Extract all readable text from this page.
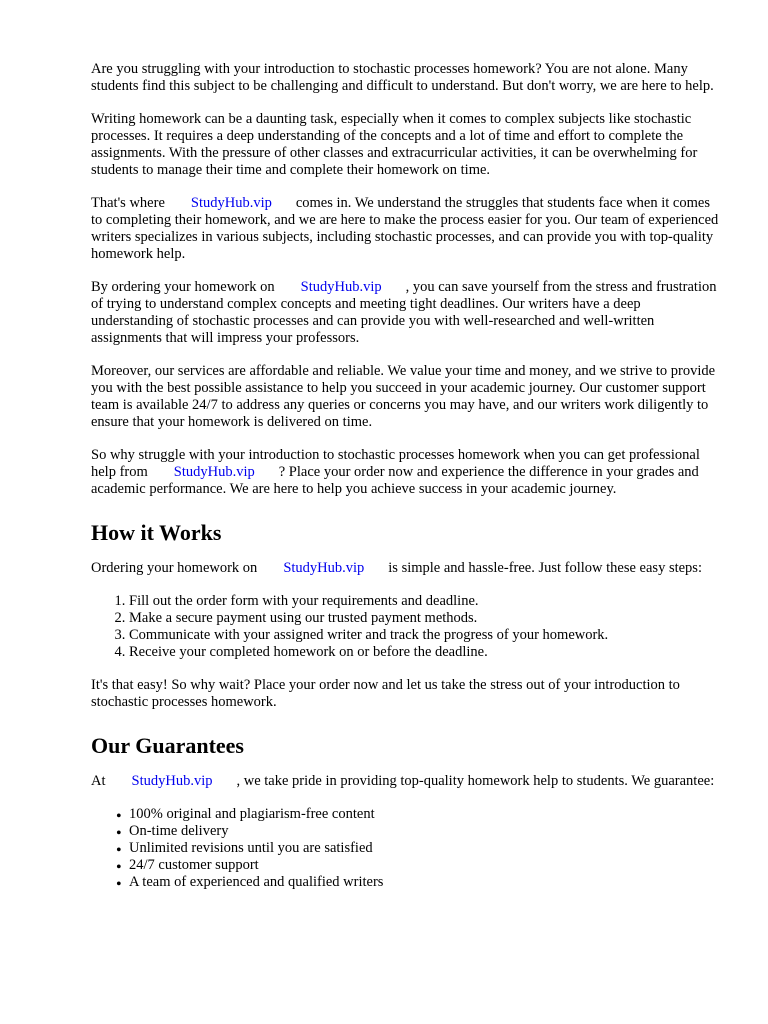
Are you struggling with your introduction to stochastic processes homework? You are not alone. Many students find this subject to be challenging and difficult to understand. But don't worry, we are here to help.

Writing homework can be a daunting task, especially when it comes to complex subjects like stochastic processes. It requires a deep understanding of the concepts and a lot of time and effort to complete the assignments. With the pressure of other classes and extracurricular activities, it can be overwhelming for students to manage their time and complete their homework on time.

That's where StudyHub.vip comes in. We understand the struggles that students face when it comes to completing their homework, and we are here to make the process easier for you. Our team of experienced writers specializes in various subjects, including stochastic processes, and can provide you with top-quality homework help.

By ordering your homework on StudyHub.vip , you can save yourself from the stress and frustration of trying to understand complex concepts and meeting tight deadlines. Our writers have a deep understanding of stochastic processes and can provide you with well-researched and well-written assignments that will impress your professors.

Moreover, our services are affordable and reliable. We value your time and money, and we strive to provide you with the best possible assistance to help you succeed in your academic journey. Our customer support team is available 24/7 to address any queries or concerns you may have, and our writers work diligently to ensure that your homework is delivered on time.

So why struggle with your introduction to stochastic processes homework when you can get professional help from StudyHub.vip ? Place your order now and experience the difference in your grades and academic performance. We are here to help you achieve success in your academic journey.

How it Works

Ordering your homework on StudyHub.vip is simple and hassle-free. Just follow these easy steps:

1. Fill out the order form with your requirements and deadline.
2. Make a secure payment using our trusted payment methods.
3. Communicate with your assigned writer and track the progress of your homework.
4. Receive your completed homework on or before the deadline.

It's that easy! So why wait? Place your order now and let us take the stress out of your introduction to stochastic processes homework.

Our Guarantees

At StudyHub.vip , we take pride in providing top-quality homework help to students. We guarantee:

• 100% original and plagiarism-free content
• On-time delivery
• Unlimited revisions until you are satisfied
• 24/7 customer support
• A team of experienced and qualified writers
